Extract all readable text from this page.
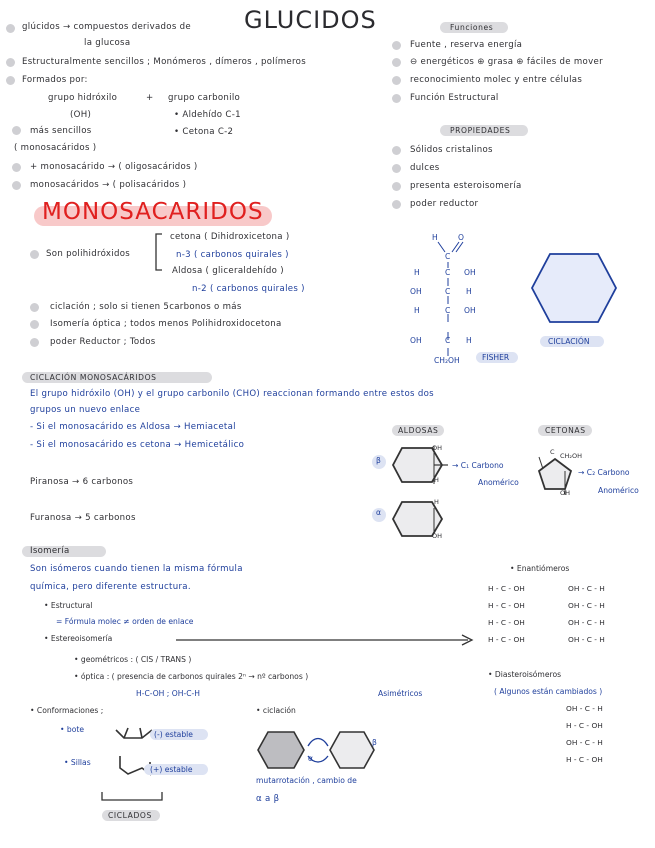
GLUCIDOS
glúcidos → compuestos derivados de
la glucosa
Estructuralmente sencillos ; Monómeros , dímeros , polímeros
Formados por:
grupo hidróxilo	+ grupo carbonilo
(OH)	• Aldehído C-1
• Cetona C-2
más sencillos
( monosacáridos )
+ monosacárido → ( oligosacáridos )
monosacáridos → ( polisacáridos )
Funciones
Fuente , reserva energía
⊖ energéticos ⊕ grasa ⊕ fáciles de mover
reconocimiento molec y entre células
Función Estructural
PROPIEDADES
Sólidos cristalinos
dulces
presenta esteroisomería
poder reductor
MONOSACARIDOS
Son polihidróxidos
cetona ( Dihidroxicetona )
n-3 ( carbonos quirales )
Aldosa ( gliceraldehído )
n-2 ( carbonos quirales )
ciclación ; solo si tienen 5carbonos o más
Isomería óptica ; todos menos Polihidroxidocetona
poder Reductor ; Todos
H	O
C
H	C OH
OH	C H
H	C OH
OH	C H
CH₂OH	FISHER
CICLACIÓN
CICLACIÓN MONOSACÁRIDOS
El grupo hidróxilo (OH) y el grupo carbonilo (CHO) reaccionan formando entre estos dos
grupos un nuevo enlace
- Si el monosacárido es Aldosa → Hemiacetal
- Si el monosacárido es cetona → Hemicetálico
Piranosa → 6 carbonos
Furanosa → 5 carbonos
ALDOSAS	CETONAS
β
OH
H
→ C₁ Carbono
Anomérico
α
H
OH
C CH₂OH
OH
→ C₂ Carbono
Anomérico
Isomería
Son isómeros cuando tienen la misma fórmula
química, pero diferente estructura.
• Estructural
= Fórmula molec ≠ orden de enlace
• Estereoisomería
• geométricos : ( CIS / TRANS )
• óptica : ( presencia de carbonos quirales 2ⁿ → nº carbonos )
H-C-OH ; OH-C-H	Asimétricos
• Enantiómeros
H - C - OH
H - C - OH
H - C - OH
H - C - OH
OH - C - H
OH - C - H
OH - C - H
OH - C - H
• Diasteroisómeros
( Algunos están cambiados )
OH - C - H
H - C - OH
OH - C - H
H - C - OH
• Conformaciones ;
• bote
(-) estable
• Sillas
(+) estable
CICLADOS
• ciclación
α
β
mutarrotación , cambio de
α a β
